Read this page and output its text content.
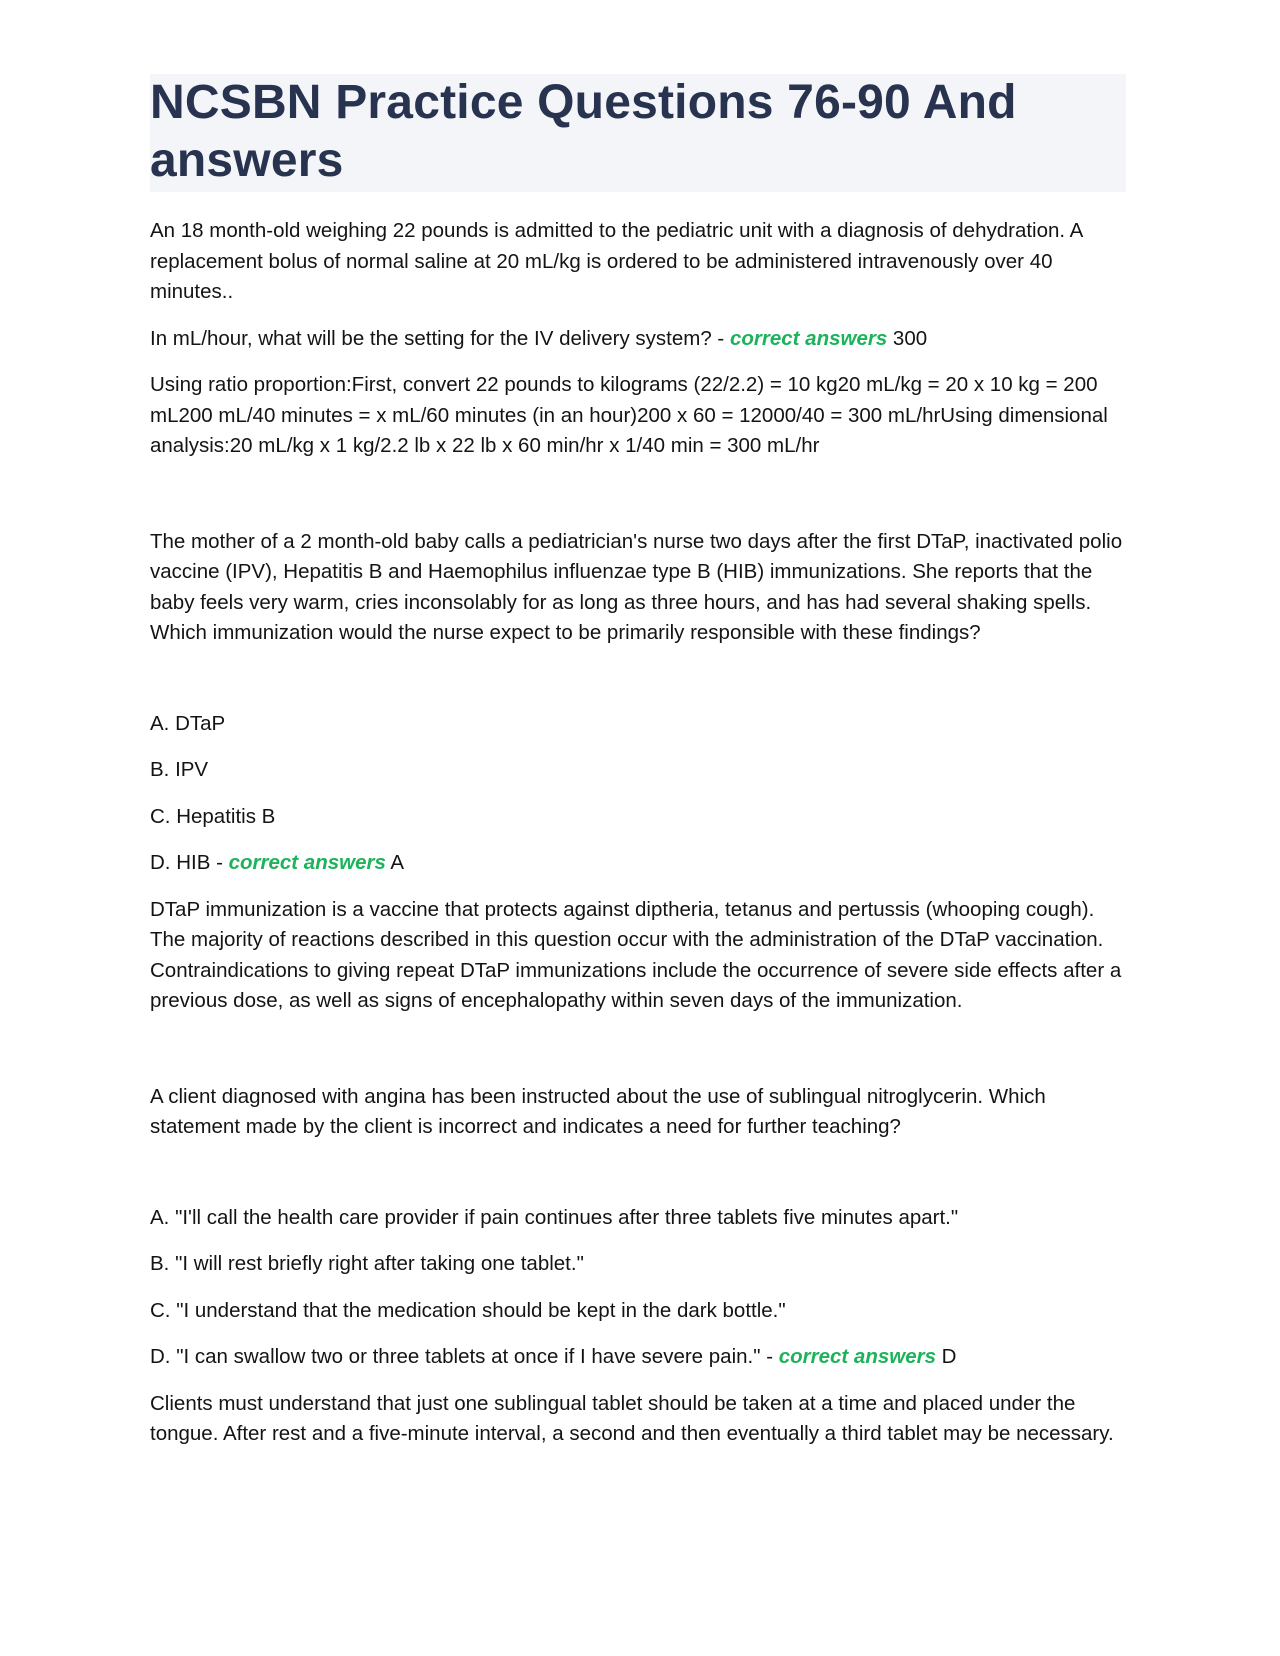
NCSBN Practice Questions 76-90 And answers

An 18 month-old weighing 22 pounds is admitted to the pediatric unit with a diagnosis of dehydration. A replacement bolus of normal saline at 20 mL/kg is ordered to be administered intravenously over 40 minutes..

In mL/hour, what will be the setting for the IV delivery system? - correct answers 300

Using ratio proportion:First, convert 22 pounds to kilograms (22/2.2) = 10 kg20 mL/kg = 20 x 10 kg = 200 mL200 mL/40 minutes = x mL/60 minutes (in an hour)200 x 60 = 12000/40 = 300 mL/hrUsing dimensional analysis:20 mL/kg x 1 kg/2.2 lb x 22 lb x 60 min/hr x 1/40 min = 300 mL/hr

The mother of a 2 month-old baby calls a pediatrician's nurse two days after the first DTaP, inactivated polio vaccine (IPV), Hepatitis B and Haemophilus influenzae type B (HIB) immunizations. She reports that the baby feels very warm, cries inconsolably for as long as three hours, and has had several shaking spells. Which immunization would the nurse expect to be primarily responsible with these findings?

A. DTaP

B. IPV

C. Hepatitis B

D. HIB - correct answers A

DTaP immunization is a vaccine that protects against diptheria, tetanus and pertussis (whooping cough). The majority of reactions described in this question occur with the administration of the DTaP vaccination. Contraindications to giving repeat DTaP immunizations include the occurrence of severe side effects after a previous dose, as well as signs of encephalopathy within seven days of the immunization.

A client diagnosed with angina has been instructed about the use of sublingual nitroglycerin. Which statement made by the client is incorrect and indicates a need for further teaching?

A. "I'll call the health care provider if pain continues after three tablets five minutes apart."

B. "I will rest briefly right after taking one tablet."

C. "I understand that the medication should be kept in the dark bottle."

D. "I can swallow two or three tablets at once if I have severe pain." - correct answers D

Clients must understand that just one sublingual tablet should be taken at a time and placed under the tongue. After rest and a five-minute interval, a second and then eventually a third tablet may be necessary.
